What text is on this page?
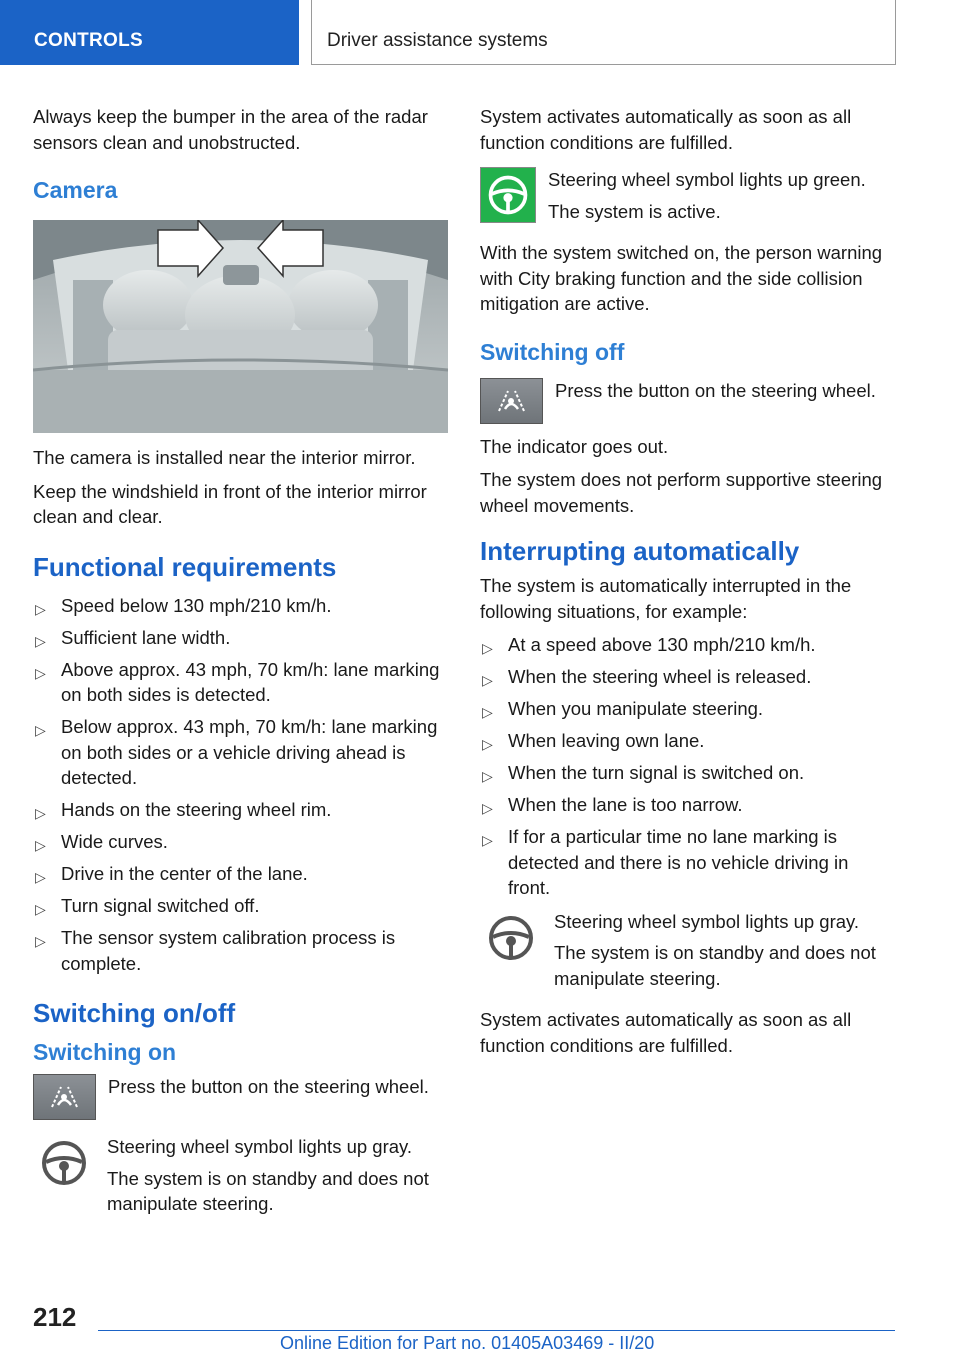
CONTROLS	Driver assistance systems

Always keep the bumper in the area of the radar sensors clean and unobstructed.

Camera

The camera is installed near the interior mirror.

Keep the windshield in front of the interior mirror clean and clear.

Functional requirements
▷ Speed below 130 mph/210 km/h.
▷ Sufficient lane width.
▷ Above approx. 43 mph, 70 km/h: lane marking on both sides is detected.
▷ Below approx. 43 mph, 70 km/h: lane marking on both sides or a vehicle driving ahead is detected.
▷ Hands on the steering wheel rim.
▷ Wide curves.
▷ Drive in the center of the lane.
▷ Turn signal switched off.
▷ The sensor system calibration process is complete.
Switching on/off
Switching on

Press the button on the steering wheel.

Steering wheel symbol lights up gray.

The system is on standby and does not manipulate steering.

System activates automatically as soon as all function conditions are fulfilled.

Steering wheel symbol lights up green.

The system is active.

With the system switched on, the person warning with City braking function and the side collision mitigation are active.

Switching off

Press the button on the steering wheel.

The indicator goes out.

The system does not perform supportive steering wheel movements.

Interrupting automatically

The system is automatically interrupted in the following situations, for example:

▷ At a speed above 130 mph/210 km/h.
▷ When the steering wheel is released.
▷ When you manipulate steering.
▷ When leaving own lane.
▷ When the turn signal is switched on.
▷ When the lane is too narrow.
▷ If for a particular time no lane marking is detected and there is no vehicle driving in front.

Steering wheel symbol lights up gray.

The system is on standby and does not manipulate steering.

System activates automatically as soon as all function conditions are fulfilled.

212
Online Edition for Part no. 01405A03469 - II/20
